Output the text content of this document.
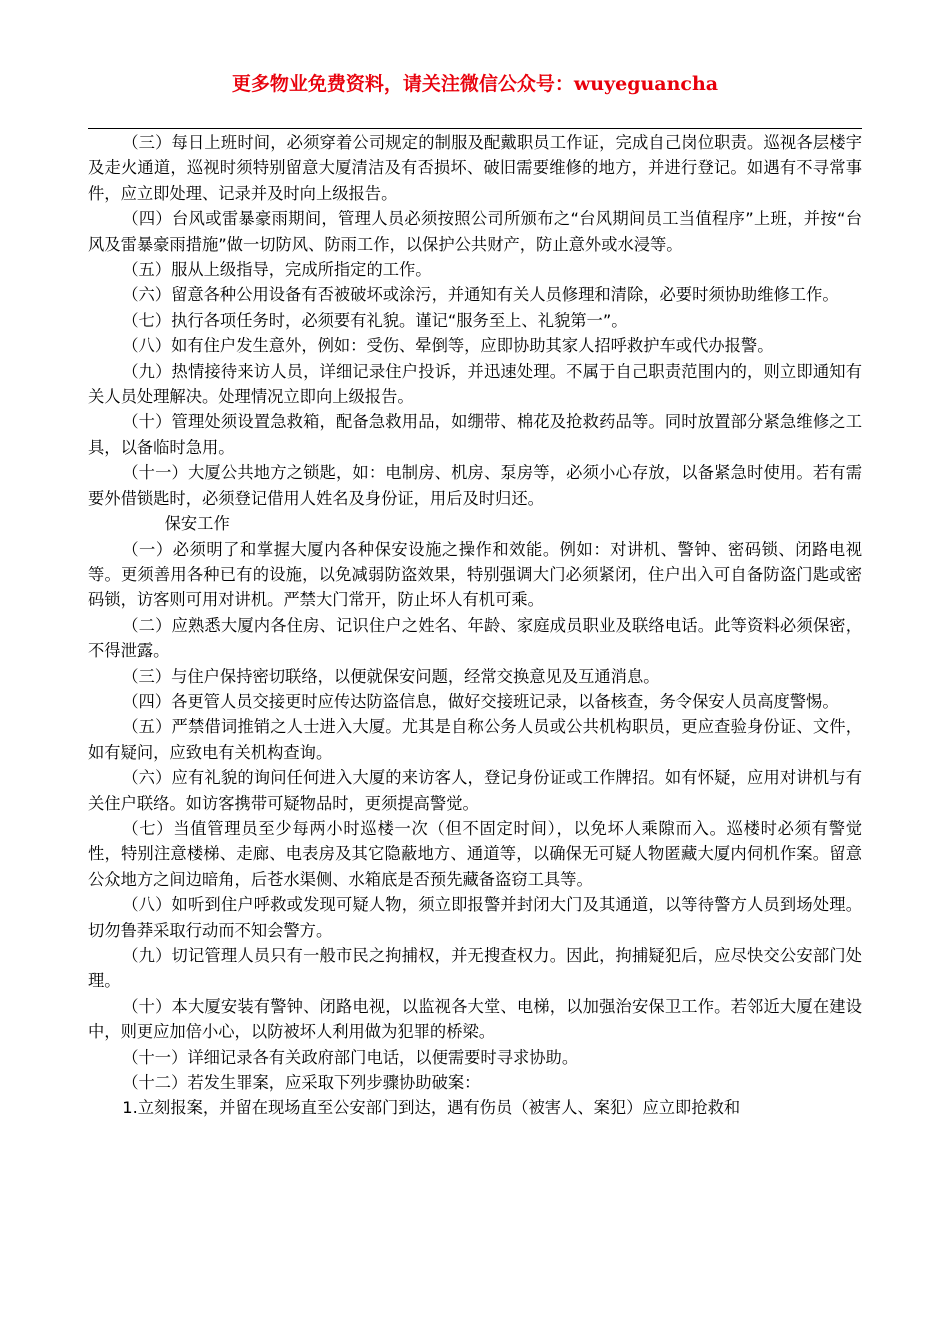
更多物业免费资料，请关注微信公众号：wuyeguancha

（三）每日上班时间，必须穿着公司规定的制服及配戴职员工作证，完成自己岗位职责。巡视各层楼宇及走火通道，巡视时须特别留意大厦清洁及有否损坏、破旧需要维修的地方，并进行登记。如遇有不寻常事件，应立即处理、记录并及时向上级报告。

（四）台风或雷暴豪雨期间，管理人员必须按照公司所颁布之“台风期间员工当值程序”上班，并按“台风及雷暴豪雨措施”做一切防风、防雨工作，以保护公共财产，防止意外或水浸等。

（五）服从上级指导，完成所指定的工作。

（六）留意各种公用设备有否被破坏或涂污，并通知有关人员修理和清除，必要时须协助维修工作。

（七）执行各项任务时，必须要有礼貌。谨记“服务至上、礼貌第一”。

（八）如有住户发生意外，例如：受伤、晕倒等，应即协助其家人招呼救护车或代办报警。

（九）热情接待来访人员，详细记录住户投诉，并迅速处理。不属于自己职责范围内的，则立即通知有关人员处理解决。处理情况立即向上级报告。

（十）管理处须设置急救箱，配备急救用品，如绷带、棉花及抢救药品等。同时放置部分紧急维修之工具，以备临时急用。

（十一）大厦公共地方之锁匙，如：电制房、机房、泵房等，必须小心存放，以备紧急时使用。若有需要外借锁匙时，必须登记借用人姓名及身份证，用后及时归还。

保安工作

（一）必须明了和掌握大厦内各种保安设施之操作和效能。例如：对讲机、警钟、密码锁、闭路电视等。更须善用各种已有的设施，以免减弱防盗效果，特别强调大门必须紧闭，住户出入可自备防盗门匙或密码锁，访客则可用对讲机。严禁大门常开，防止坏人有机可乘。

（二）应熟悉大厦内各住房、记识住户之姓名、年龄、家庭成员职业及联络电话。此等资料必须保密，不得泄露。

（三）与住户保持密切联络，以便就保安问题，经常交换意见及互通消息。

（四）各更管人员交接更时应传达防盗信息，做好交接班记录，以备核查，务令保安人员高度警惕。

（五）严禁借词推销之人士进入大厦。尤其是自称公务人员或公共机构职员，更应查验身份证、文件，如有疑问，应致电有关机构查询。

（六）应有礼貌的询问任何进入大厦的来访客人，登记身份证或工作牌招。如有怀疑，应用对讲机与有关住户联络。如访客携带可疑物品时，更须提高警觉。

（七）当值管理员至少每两小时巡楼一次（但不固定时间），以免坏人乘隙而入。巡楼时必须有警觉性，特别注意楼梯、走廊、电表房及其它隐蔽地方、通道等，以确保无可疑人物匿藏大厦内伺机作案。留意公众地方之间边暗角，后苍水渠侧、水箱底是否预先藏备盗窃工具等。

（八）如听到住户呼救或发现可疑人物，须立即报警并封闭大门及其通道，以等待警方人员到场处理。切勿鲁莽采取行动而不知会警方。

（九）切记管理人员只有一般市民之拘捕权，并无搜查权力。因此，拘捕疑犯后，应尽快交公安部门处理。

（十）本大厦安装有警钟、闭路电视，以监视各大堂、电梯，以加强治安保卫工作。若邻近大厦在建设中，则更应加倍小心，以防被坏人利用做为犯罪的桥梁。

（十一）详细记录各有关政府部门电话，以便需要时寻求协助。

（十二）若发生罪案，应采取下列步骤协助破案：

1.立刻报案，并留在现场直至公安部门到达，遇有伤员（被害人、案犯）应立即抢救和
